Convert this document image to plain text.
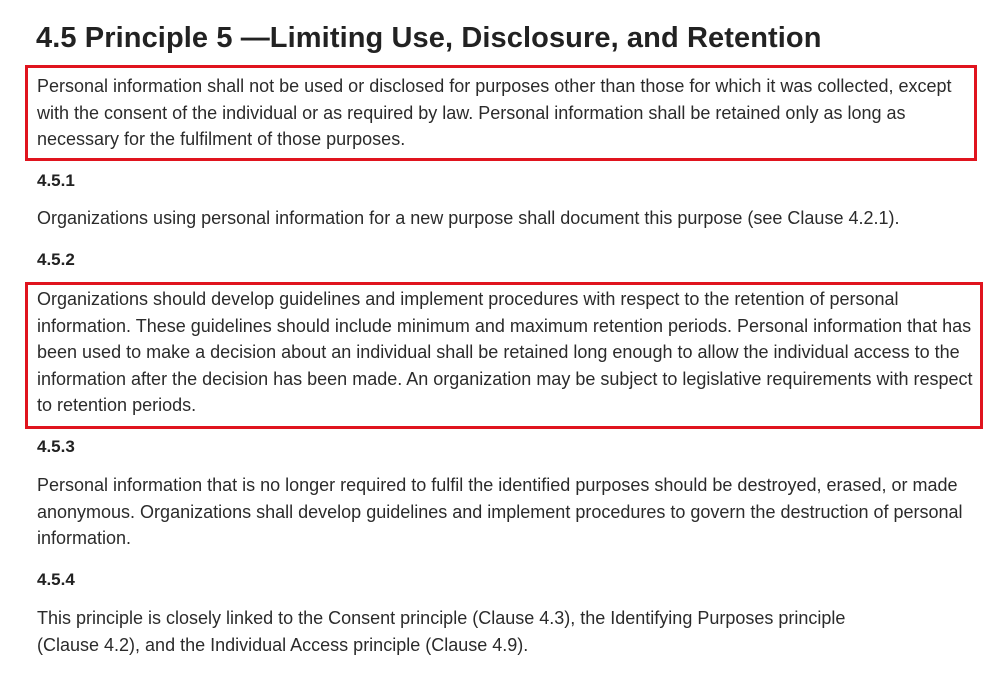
4.5 Principle 5 —Limiting Use, Disclosure, and Retention

Personal information shall not be used or disclosed for purposes other than those for which it was collected, except with the consent of the individual or as required by law. Personal information shall be retained only as long as necessary for the fulfilment of those purposes.

4.5.1

Organizations using personal information for a new purpose shall document this purpose (see Clause 4.2.1).

4.5.2

Organizations should develop guidelines and implement procedures with respect to the retention of personal information. These guidelines should include minimum and maximum retention periods. Personal information that has been used to make a decision about an individual shall be retained long enough to allow the individual access to the information after the decision has been made. An organization may be subject to legislative requirements with respect to retention periods.

4.5.3

Personal information that is no longer required to fulfil the identified purposes should be destroyed, erased, or made anonymous. Organizations shall develop guidelines and implement procedures to govern the destruction of personal information.

4.5.4

This principle is closely linked to the Consent principle (Clause 4.3), the Identifying Purposes principle (Clause 4.2), and the Individual Access principle (Clause 4.9).
